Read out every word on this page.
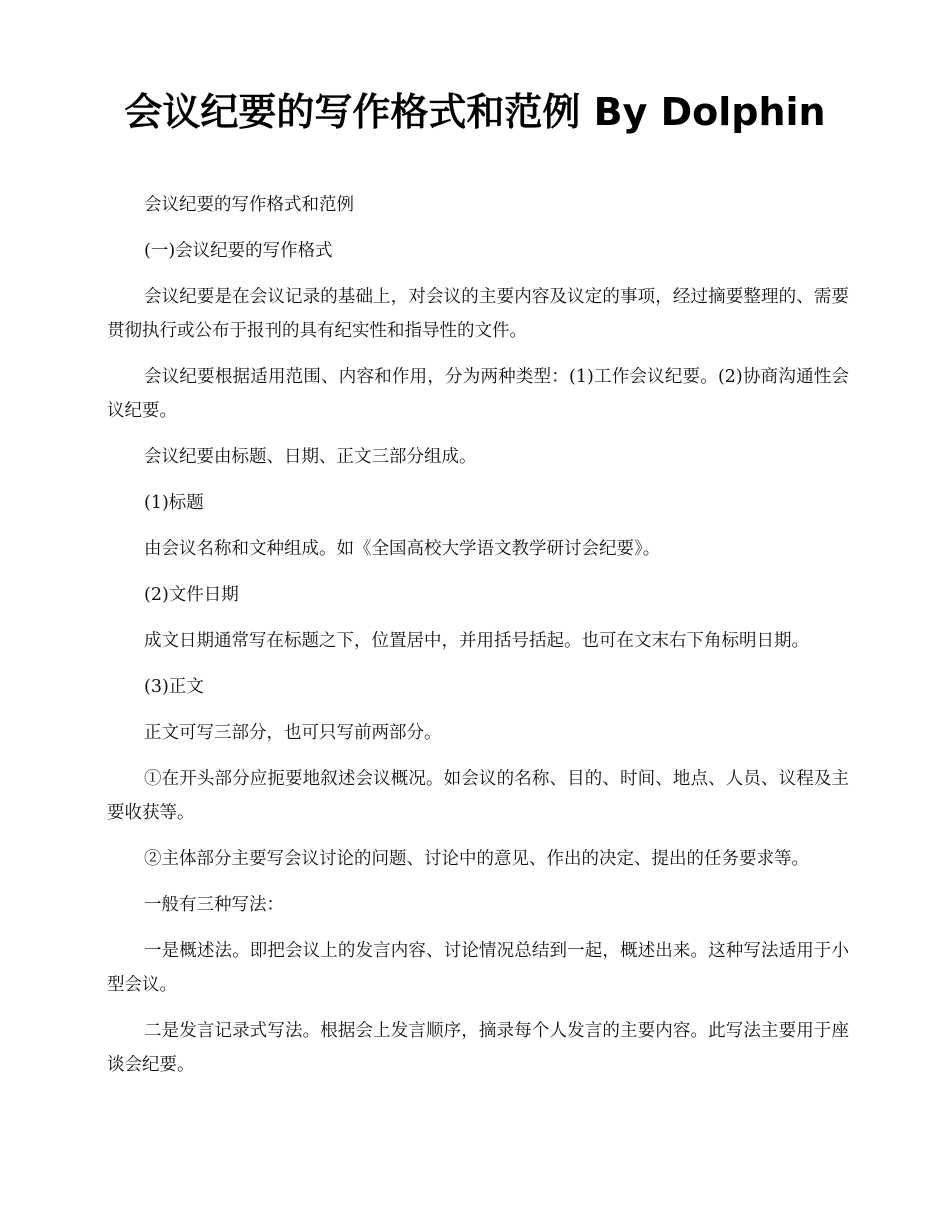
会议纪要的写作格式和范例 By Dolphin

会议纪要的写作格式和范例

(一)会议纪要的写作格式

会议纪要是在会议记录的基础上，对会议的主要内容及议定的事项，经过摘要整理的、需要贯彻执行或公布于报刊的具有纪实性和指导性的文件。

会议纪要根据适用范围、内容和作用，分为两种类型：(1)工作会议纪要。(2)协商沟通性会议纪要。

会议纪要由标题、日期、正文三部分组成。

(1)标题

由会议名称和文种组成。如《全国高校大学语文教学研讨会纪要》。

(2)文件日期

成文日期通常写在标题之下，位置居中，并用括号括起。也可在文末右下角标明日期。

(3)正文

正文可写三部分，也可只写前两部分。

①在开头部分应扼要地叙述会议概况。如会议的名称、目的、时间、地点、人员、议程及主要收获等。

②主体部分主要写会议讨论的问题、讨论中的意见、作出的决定、提出的任务要求等。

一般有三种写法：

一是概述法。即把会议上的发言内容、讨论情况总结到一起，概述出来。这种写法适用于小型会议。

二是发言记录式写法。根据会上发言顺序，摘录每个人发言的主要内容。此写法主要用于座谈会纪要。
